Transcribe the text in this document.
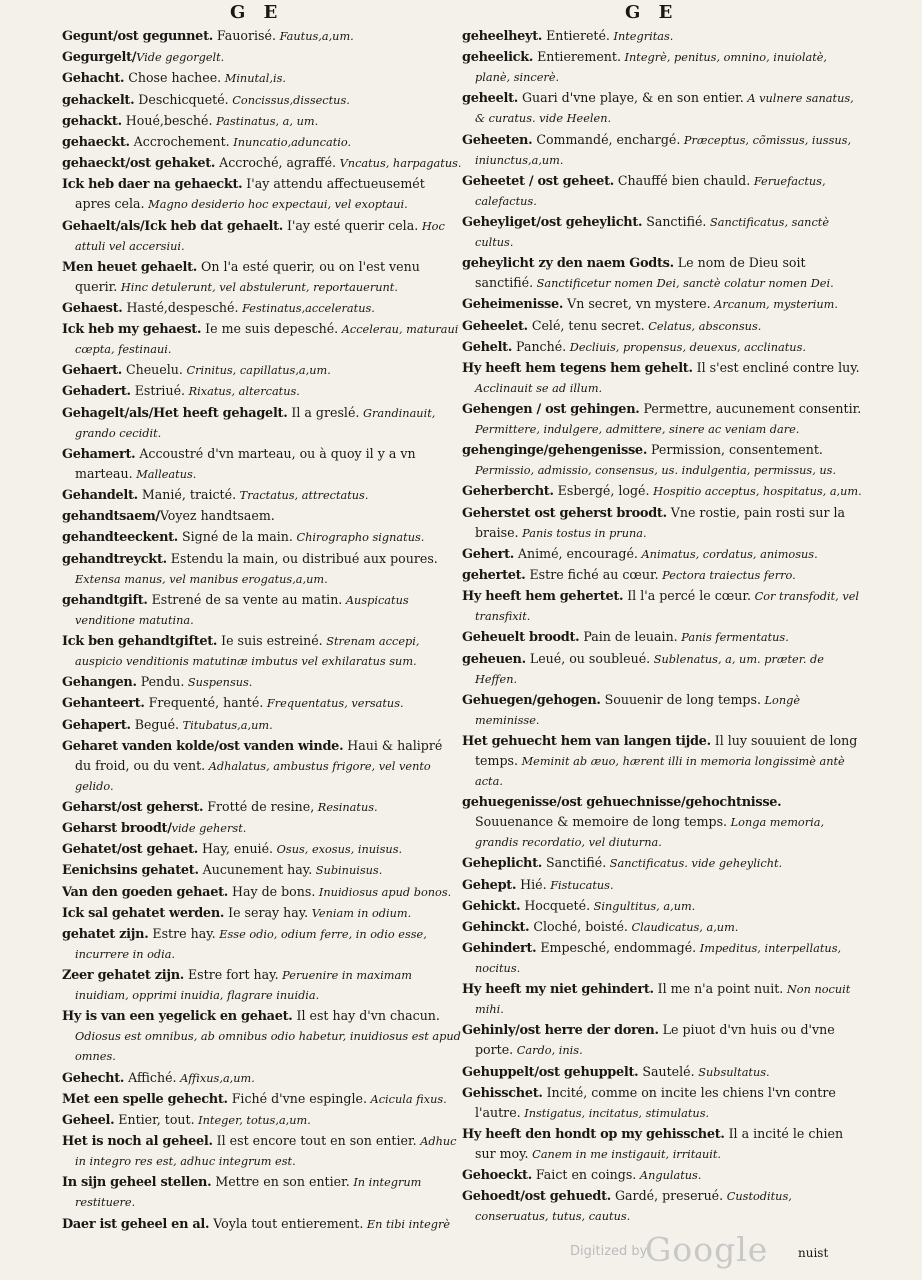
G E	G E
Gegunt/ost gegunnet. Fauorisé. Fautus,a,um.
Gegurgelt/Vide gegorgelt.
Gehacht. Chose hachee. Minutal,is.
gehackelt. Deschicqueté. Concissus,dissectus.
gehackt. Houé,besché. Pastinatus, a, um.
gehaeckt. Accrochement. Inuncatio,aduncatio.
gehaeckt/ost gehaket. Accroché, agraffé. Vncatus, harpagatus.
Ick heb daer na gehaeckt. I'ay attendu affectueusemét apres cela. Magno desiderio hoc expectaui, vel exoptaui.
Gehaelt/als/Ick heb dat gehaelt. I'ay esté querir cela. Hoc attuli vel accersiui.
Men heuet gehaelt. On l'a esté querir, ou on l'est venu querir. Hinc detulerunt, vel abstulerunt, reportauerunt.
Gehaest. Hasté,despesché. Festinatus,acceleratus.
Ick heb my gehaest. Ie me suis depesché. Accelerau, maturaui cœpta, festinaui.
Gehaert. Cheuelu. Crinitus, capillatus,a,um.
Gehadert. Estriué. Rixatus, altercatus.
Gehagelt/als/Het heeft gehagelt. Il a greslé. Grandinauit, grando cecidit.
Gehamert. Accoustré d'vn marteau, ou à quoy il y a vn marteau. Malleatus.
Gehandelt. Manié, traicté. Tractatus, attrectatus.
gehandtsaem/Voyez handtsaem.
gehandteeckent. Signé de la main. Chirographo signatus.
gehandtreyckt. Estendu la main, ou distribué aux poures. Extensa manus, vel manibus erogatus,a,um.
gehandtgift. Estrené de sa vente au matin. Auspicatus venditione matutina.
Ick ben gehandtgiftet. Ie suis estreiné. Strenam accepi, auspicio venditionis matutinæ imbutus vel exhilaratus sum.
Gehangen. Pendu. Suspensus.
Gehanteert. Frequenté, hanté. Frequentatus, versatus.
Gehapert. Begué. Titubatus,a,um.
Geharet vanden kolde/ost vanden winde. Haui & halipré du froid, ou du vent. Adhalatus, ambustus frigore, vel vento gelido.
Geharst/ost geherst. Frotté de resine, Resinatus.
Geharst broodt/vide geherst.
Gehatet/ost gehaet. Hay, enuié. Osus, exosus, inuisus.
Eenichsins gehatet. Aucunement hay. Subinuisus.
Van den goeden gehaet. Hay de bons. Inuidiosus apud bonos.
Ick sal gehatet werden. Ie seray hay. Veniam in odium.
gehatet zijn. Estre hay. Esse odio, odium ferre, in odio esse, incurrere in odia.
Zeer gehatet zijn. Estre fort hay. Peruenire in maximam inuidiam, opprimi inuidia, flagrare inuidia.
Hy is van een yegelick en gehaet. Il est hay d'vn chacun. Odiosus est omnibus, ab omnibus odio habetur, inuidiosus est apud omnes.
Gehecht. Affiché. Affixus,a,um.
Met een spelle gehecht. Fiché d'vne espingle. Acicula fixus.
Geheel. Entier, tout. Integer, totus,a,um.
Het is noch al geheel. Il est encore tout en son entier. Adhuc in integro res est, adhuc integrum est.
In sijn geheel stellen. Mettre en son entier. In integrum restituere.
Daer ist geheel en al. Voyla tout entierement. En tibi integrè
geheelheyt. Entiereté. Integritas.
geheelick. Entierement. Integrè, penitus, omnino, inuiolatè, planè, sincerè.
geheelt. Guari d'vne playe, & en son entier. A vulnere sanatus, & curatus. vide Heelen.
Geheeten. Commandé, enchargé. Præceptus, cõmissus, iussus, iniunctus,a,um.
Geheetet / ost geheet. Chauffé bien chauld. Feruefactus, calefactus.
Geheyliget/ost geheylicht. Sanctifié. Sanctificatus, sanctè cultus.
geheylicht zy den naem Godts. Le nom de Dieu soit sanctifié. Sanctificetur nomen Dei, sanctè colatur nomen Dei.
Geheimenisse. Vn secret, vn mystere. Arcanum, mysterium.
Geheelet. Celé, tenu secret. Celatus, absconsus.
Gehelt. Panché. Decliuis, propensus, deuexus, acclinatus.
Hy heeft hem tegens hem gehelt. Il s'est encliné contre luy. Acclinauit se ad illum.
Gehengen / ost gehingen. Permettre, aucunement consentir. Permittere, indulgere, admittere, sinere ac veniam dare.
gehenginge/gehengenisse. Permission, consentement. Permissio, admissio, consensus, us. indulgentia, permissus, us.
Geherbercht. Esbergé, logé. Hospitio acceptus, hospitatus, a,um.
Geherstet ost geherst broodt. Vne rostie, pain rosti sur la braise. Panis tostus in pruna.
Gehert. Animé, encouragé. Animatus, cordatus, animosus.
gehertet. Estre fiché au cœur. Pectora traiectus ferro.
Hy heeft hem gehertet. Il l'a percé le cœur. Cor transfodit, vel transfixit.
Geheuelt broodt. Pain de leuain. Panis fermentatus.
geheuen. Leué, ou soubleué. Sublenatus, a, um. præter. de Heffen.
Gehuegen/gehogen. Souuenir de long temps. Longè meminisse.
Het gehuecht hem van langen tijde. Il luy souuient de long temps. Meminit ab æuo, hærent illi in memoria longissimè antè acta.
gehuegenisse/ost gehuechnisse/gehochtnisse. Souuenance & memoire de long temps. Longa memoria, grandis recordatio, vel diuturna.
Geheplicht. Sanctifié. Sanctificatus. vide geheylicht.
Gehept. Hié. Fistucatus.
Gehickt. Hocqueté. Singultitus, a,um.
Gehinckt. Cloché, boisté. Claudicatus, a,um.
Gehindert. Empesché, endommagé. Impeditus, interpellatus, nocitus.
Hy heeft my niet gehindert. Il me n'a point nuit. Non nocuit mihi.
Gehinly/ost herre der doren. Le piuot d'vn huis ou d'vne porte. Cardo, inis.
Gehuppelt/ost gehuppelt. Sautelé. Subsultatus.
Gehisschet. Incité, comme on incite les chiens l'vn contre l'autre. Instigatus, incitatus, stimulatus.
Hy heeft den hondt op my gehisschet. Il a incité le chien sur moy. Canem in me instigauit, irritauit.
Gehoeckt. Faict en coings. Angulatus.
Gehoedt/ost gehuedt. Gardé, preserué. Custoditus, conseruatus, tutus, cautus.
nuist
Digitized by
Google
